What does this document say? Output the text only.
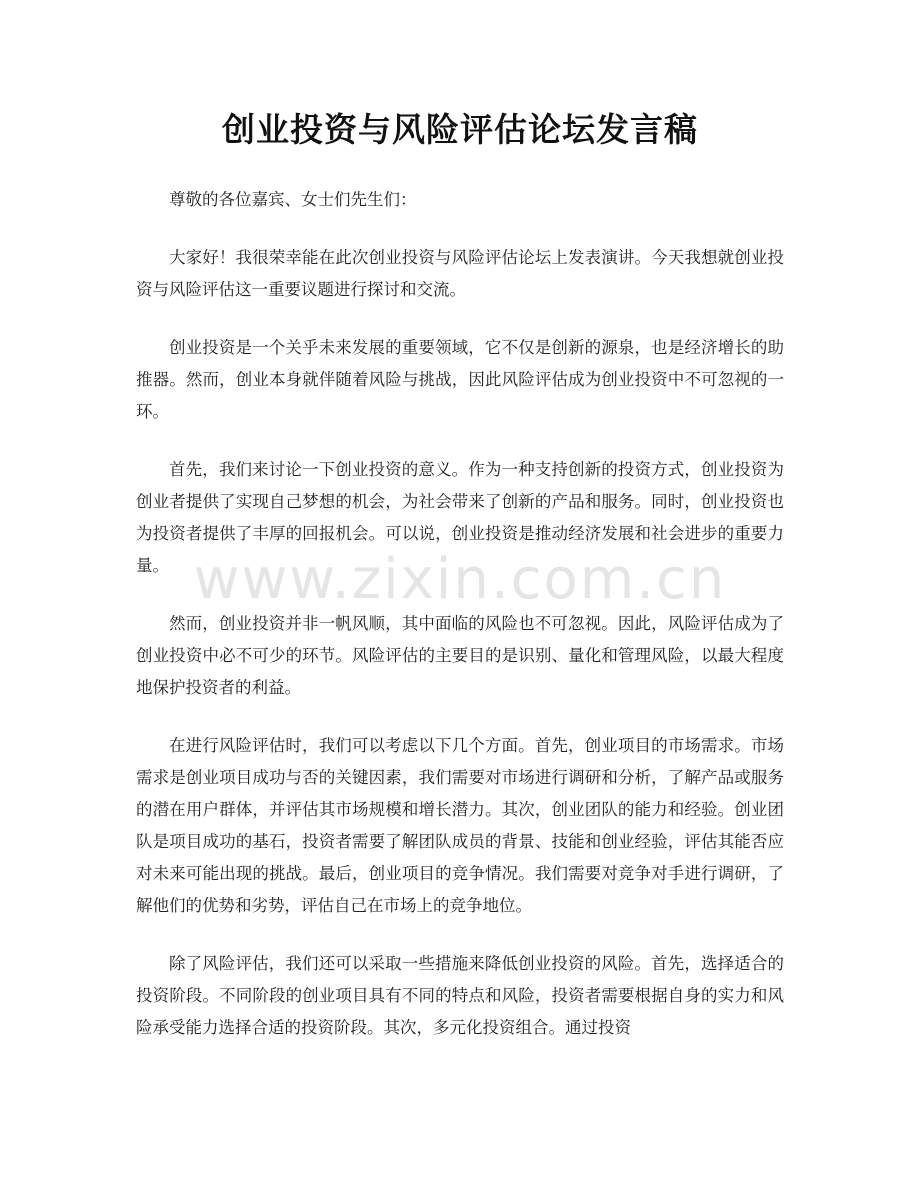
创业投资与风险评估论坛发言稿

尊敬的各位嘉宾、女士们先生们：

大家好！我很荣幸能在此次创业投资与风险评估论坛上发表演讲。今天我想就创业投资与风险评估这一重要议题进行探讨和交流。

创业投资是一个关乎未来发展的重要领域，它不仅是创新的源泉，也是经济增长的助推器。然而，创业本身就伴随着风险与挑战，因此风险评估成为创业投资中不可忽视的一环。

首先，我们来讨论一下创业投资的意义。作为一种支持创新的投资方式，创业投资为创业者提供了实现自己梦想的机会，为社会带来了创新的产品和服务。同时，创业投资也为投资者提供了丰厚的回报机会。可以说，创业投资是推动经济发展和社会进步的重要力量。

然而，创业投资并非一帆风顺，其中面临的风险也不可忽视。因此，风险评估成为了创业投资中必不可少的环节。风险评估的主要目的是识别、量化和管理风险，以最大程度地保护投资者的利益。

在进行风险评估时，我们可以考虑以下几个方面。首先，创业项目的市场需求。市场需求是创业项目成功与否的关键因素，我们需要对市场进行调研和分析，了解产品或服务的潜在用户群体，并评估其市场规模和增长潜力。其次，创业团队的能力和经验。创业团队是项目成功的基石，投资者需要了解团队成员的背景、技能和创业经验，评估其能否应对未来可能出现的挑战。最后，创业项目的竞争情况。我们需要对竞争对手进行调研，了解他们的优势和劣势，评估自己在市场上的竞争地位。

除了风险评估，我们还可以采取一些措施来降低创业投资的风险。首先，选择适合的投资阶段。不同阶段的创业项目具有不同的特点和风险，投资者需要根据自身的实力和风险承受能力选择合适的投资阶段。其次，多元化投资组合。通过投资

www.zixin.com.cn
